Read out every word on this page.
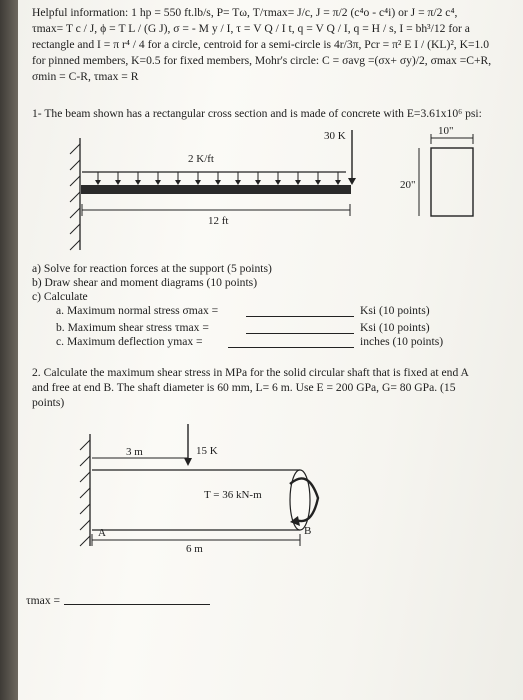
Helpful information: 1 hp = 550 ft.lb/s, P= Tω, T/τmax= J/c, J = π/2 (c⁴o - c⁴i) or J = π/2 c⁴,
τmax= T c / J, ϕ = T L / (G J), σ = - M y / I, τ = V Q / I t, q = V Q / I, q = H / s, I = bh³/12 for a
rectangle and I = π r⁴ / 4 for a circle, centroid for a semi-circle is 4r/3π, Pcr = π² E I / (KL)², K=1.0
for pinned members, K=0.5 for fixed members, Mohr's circle: C = σavg =(σx+ σy)/2, σmax =C+R,
σmin = C-R, τmax = R
1- The beam shown has a rectangular cross section and is made of concrete with E=3.61x10⁶ psi:
2 K/ft
30 K
12 ft
10"
20"
a) Solve for reaction forces at the support (5 points)
b) Draw shear and moment diagrams (10 points)
c) Calculate
a. Maximum normal stress σmax =	Ksi (10 points)
b. Maximum shear stress τmax =	Ksi (10 points)
c. Maximum deflection ymax =	inches (10 points)
2. Calculate the maximum shear stress in MPa for the solid circular shaft that is fixed at end A
and free at end B. The shaft diameter is 60 mm, L= 6 m. Use E = 200 GPa, G= 80 GPa. (15
points)
3 m	15 K
T = 36 kN-m
A	B
6 m
τmax =
